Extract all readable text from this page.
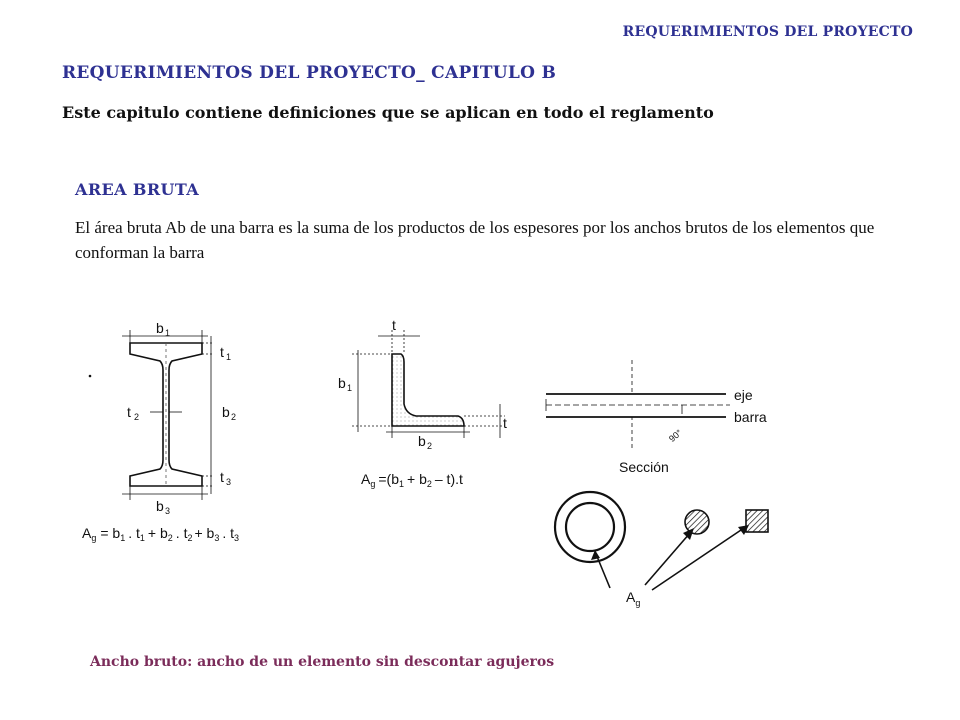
REQUERIMIENTOS DEL PROYECTO
REQUERIMIENTOS DEL PROYECTO_ CAPITULO B
Este capitulo contiene definiciones que se aplican en todo el reglamento
AREA BRUTA
El área bruta Ab de una barra es la suma de los productos de los espesores por los anchos brutos de los elementos que conforman la barra
b 1
t 1
b 2
t 3
t 2
b 3
$A_g = b_1$ . $t_1 + b_2$ . $t_2 + b_3$ . $t_3$
t
b 1
t
b 2
$A_g =(b_1 + b_2 - t).t$
eje
barra
90°
Sección
$A_g$
Ancho bruto: ancho de un elemento sin descontar agujeros
